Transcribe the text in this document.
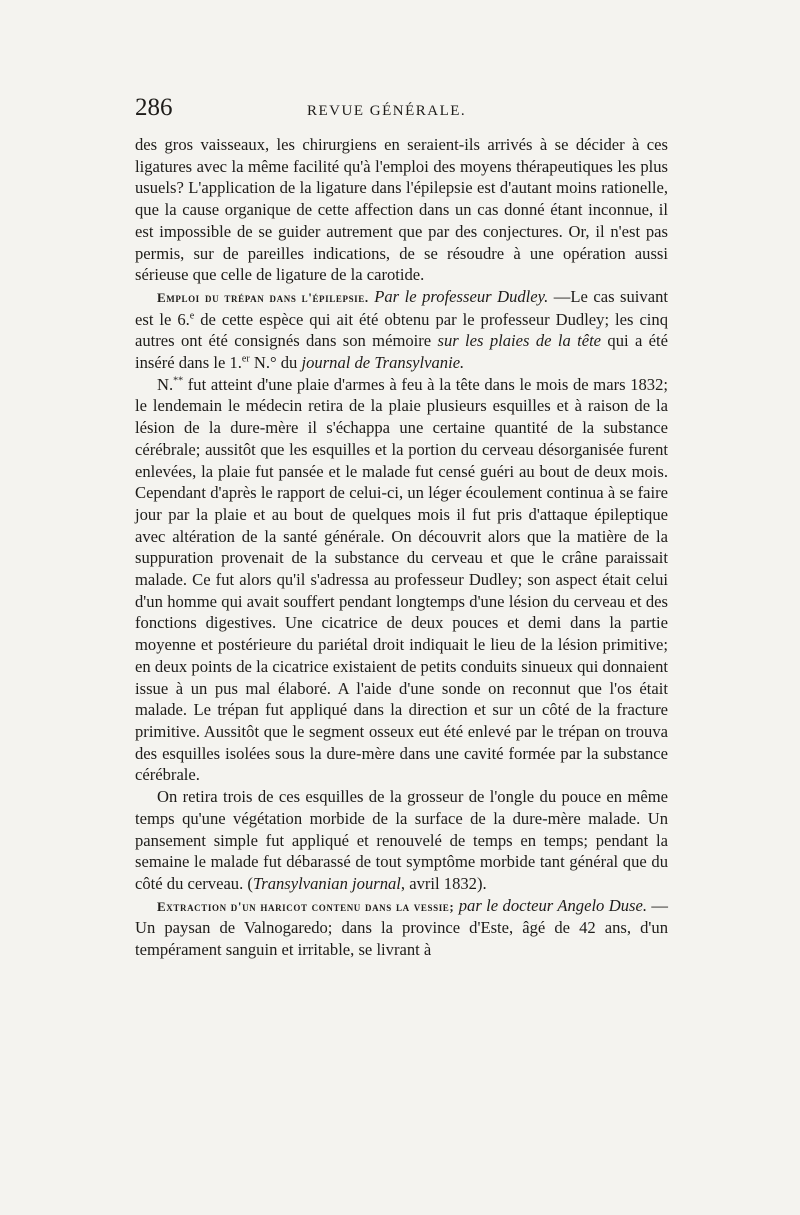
286	REVUE GÉNÉRALE.

des gros vaisseaux, les chirurgiens en seraient-ils arrivés à se décider à ces ligatures avec la même facilité qu'à l'emploi des moyens thérapeutiques les plus usuels? L'application de la ligature dans l'épilepsie est d'autant moins rationelle, que la cause organique de cette affection dans un cas donné étant inconnue, il est impossible de se guider autrement que par des conjectures. Or, il n'est pas permis, sur de pareilles indications, de se résoudre à une opération aussi sérieuse que celle de ligature de la carotide.

Emploi du trépan dans l'épilepsie. Par le professeur Dudley. —Le cas suivant est le 6.$^e$ de cette espèce qui ait été obtenu par le professeur Dudley; les cinq autres ont été consignés dans son mémoire sur les plaies de la tête qui a été inséré dans le 1.$^{er}$ N.° du journal de Transylvanie.

N.** fut atteint d'une plaie d'armes à feu à la tête dans le mois de mars 1832; le lendemain le médecin retira de la plaie plusieurs esquilles et à raison de la lésion de la dure-mère il s'échappa une certaine quantité de la substance cérébrale; aussitôt que les esquilles et la portion du cerveau désorganisée furent enlevées, la plaie fut pansée et le malade fut censé guéri au bout de deux mois. Cependant d'après le rapport de celui-ci, un léger écoulement continua à se faire jour par la plaie et au bout de quelques mois il fut pris d'attaque épileptique avec altération de la santé générale. On découvrit alors que la matière de la suppuration provenait de la substance du cerveau et que le crâne paraissait malade. Ce fut alors qu'il s'adressa au professeur Dudley; son aspect était celui d'un homme qui avait souffert pendant longtemps d'une lésion du cerveau et des fonctions digestives. Une cicatrice de deux pouces et demi dans la partie moyenne et postérieure du pariétal droit indiquait le lieu de la lésion primitive; en deux points de la cicatrice existaient de petits conduits sinueux qui donnaient issue à un pus mal élaboré. A l'aide d'une sonde on reconnut que l'os était malade. Le trépan fut appliqué dans la direction et sur un côté de la fracture primitive. Aussitôt que le segment osseux eut été enlevé par le trépan on trouva des esquilles isolées sous la dure-mère dans une cavité formée par la substance cérébrale.

On retira trois de ces esquilles de la grosseur de l'ongle du pouce en même temps qu'une végétation morbide de la surface de la dure-mère malade. Un pansement simple fut appliqué et renouvelé de temps en temps; pendant la semaine le malade fut débarassé de tout symptôme morbide tant général que du côté du cerveau. (Transylvanian journal, avril 1832).

Extraction d'un haricot contenu dans la vessie; par le docteur Angelo Duse. —Un paysan de Valnogaredo; dans la province d'Este, âgé de 42 ans, d'un tempérament sanguin et irritable, se livrant à
